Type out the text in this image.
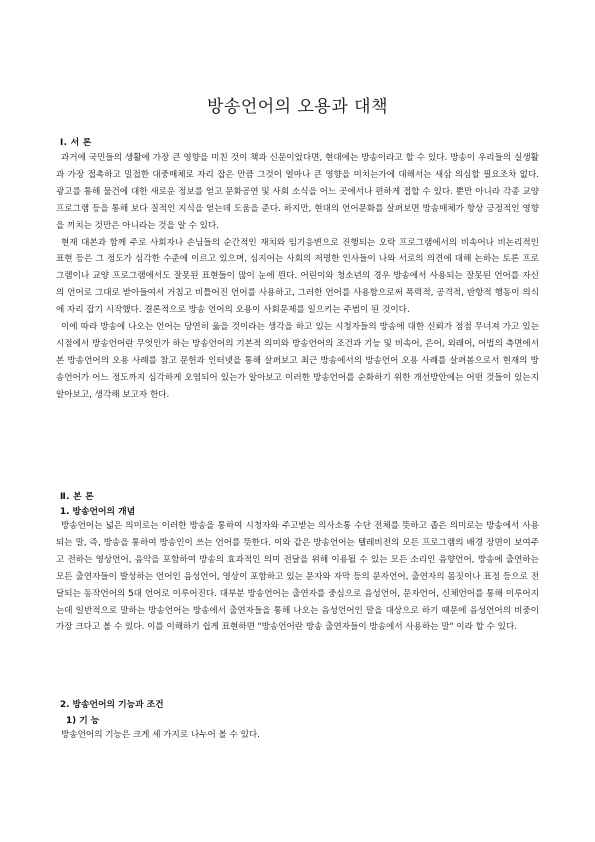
방송언어의 오용과 대책
Ⅰ. 서 론

과거에 국민들의 생활에 가장 큰 영향을 미친 것이 책과 신문이었다면, 현대에는 방송이라고 할 수 있다. 방송이 우리들의 실생활과 가장 접촉하고 밀접한 대중매체로 자리 잡은 만큼 그것이 얼마나 큰 영향을 미치는가에 대해서는 새삼 의심할 필요조차 없다. 광고를 통해 물건에 대한 새로운 정보를 얻고 문화공연 및 사회 소식을 어느 곳에서나 편하게 접할 수 있다. 뿐만 아니라 각종 교양 프로그램 등을 통해 보다 질적인 지식을 얻는데 도움을 준다. 하지만, 현대의 언어문화를 살펴보면 방송매체가 항상 긍정적인 영향을 끼치는 것만은 아니라는 것을 알 수 있다.

현재 대본과 함께 주로 사회자나 손님들의 순간적인 재치와 임기응변으로 진행되는 오락 프로그램에서의 비속어나 비논리적인 표현 등은 그 정도가 심각한 수준에 이르고 있으며, 심지어는 사회의 저명한 인사들이 나와 서로의 의견에 대해 논하는 토론 프로그램이나 교양 프로그램에서도 잘못된 표현들이 많이 눈에 띈다. 어린이와 청소년의 경우 방송에서 사용되는 잘못된 언어를 자신의 언어로 그대로 받아들여서 거침고 비틀어진 언어를 사용하고, 그러한 언어를 사용함으로써 폭력적, 공격적, 반항적 행동이 의식에 자리 잡기 시작했다. 결론적으로 방송 언어의 오용이 사회문제를 일으키는 주범이 된 것이다.

이에 따라 방송에 나오는 언어는 당연히 옳을 것이라는 생각을 하고 있는 시청자들의 방송에 대한 신뢰가 점점 무너져 가고 있는 시점에서 방송언어란 무엇인가 하는 방송언어의 기본적 의미와 방송언어의 조건과 기능 및 비속어, 은어, 외래어, 어법의 측면에서 본 방송언어의 오용 사례를 참고 문헌과 인터넷을 통해 살펴보고 최근 방송에서의 방송언어 오용 사례를 살펴봄으로서 현재의 방송언어가 어느 정도까지 심각하게 오염되어 있는가 알아보고 이러한 방송언어를 순화하기 위한 개선방안에는 어떤 것들이 있는지 알아보고, 생각해 보고자 한다.

Ⅱ. 본 론
1. 방송언어의 개념

방송언어는 넓은 의미로는 이러한 방송을 통하여 시청자와 주고받는 의사소통 수단 전체를 뜻하고 좁은 의미로는 방송에서 사용되는 말, 즉, 방송을 통하여 방송인이 쓰는 언어를 뜻한다. 이와 같은 방송언어는 텔레비전의 모든 프로그램의 배경 장면이 보여주고 전하는 영상언어, 음악을 포함하여 방송의 효과적인 의미 전달을 위해 이용될 수 있는 모든 소리인 음향언어, 방송에 출연하는 모든 출연자들이 발성하는 언어인 음성언어, 영상이 포함하고 있는 문자와 자막 등의 문자언어, 출연자의 몸짓이나 표정 등으로 전달되는 동작언어의 5대 언어로 이루어진다. 대부분 방송언어는 출연자를 중심으로 음성언어, 문자언어, 신체언어를 통해 이루어지는데 일반적으로 말하는 방송언어는 방송에서 출연자들을 통해 나오는 음성언어인 말을 대상으로 하기 때문에 음성언어의 비중이 가장 크다고 볼 수 있다. 이를 이해하기 쉽게 표현하면 "방송언어란 방송 출연자들이 방송에서 사용하는 말" 이라 할 수 있다.

2. 방송언어의 기능과 조건
1) 기 능

방송언어의 기능은 크게 세 가지로 나누어 볼 수 있다.
